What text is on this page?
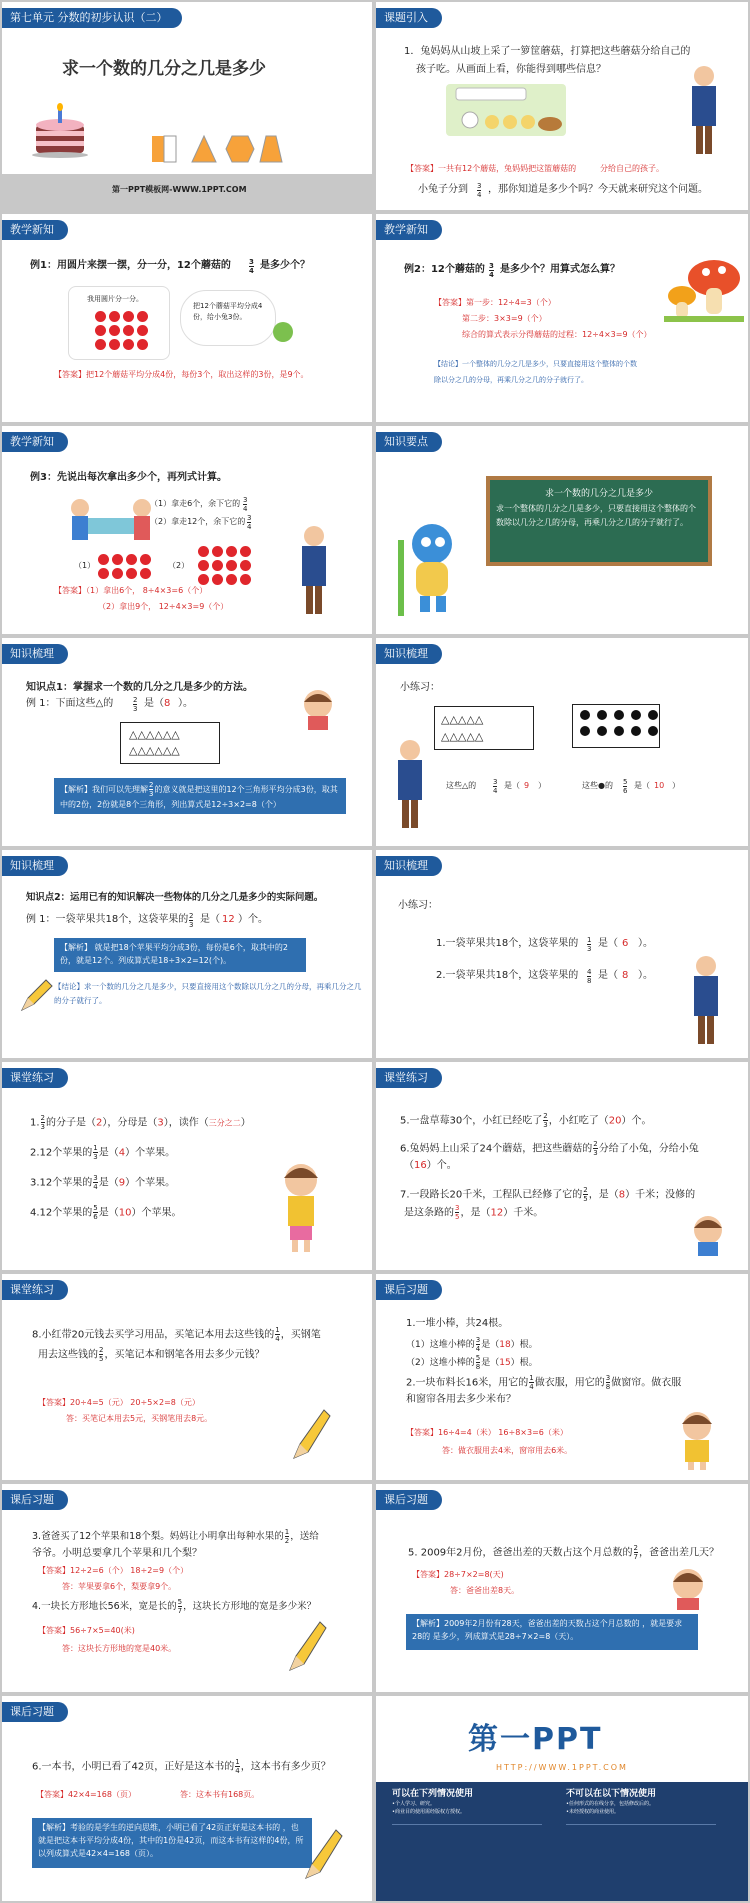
第七单元 分数的初步认识（二）
求一个数的几分之几是多少
第一PPT模板网-WWW.1PPT.COM
课题引入
1．兔妈妈从山坡上采了一箩筐蘑菇，打算把这些蘑菇分给自己的
孩子吃。从画面上看，你能得到哪些信息？
【答案】一共有12个蘑菇，兔妈妈把这篮蘑菇的	分给自己的孩子。
小兔子分到 $\frac{3}{4}$ ，那你知道是多少个吗？今天就来研究这个问题。
教学新知
例1：用圆片来摆一摆，分一分，12个蘑菇的	$\frac{3}{4}$ 是多少个？
我用圆片分一分。
把12个蘑菇平均分成4份，给小兔3份。
【答案】把12个蘑菇平均分成4份，每份3个，取出这样的3份，是9个。
教学新知
例2：12个蘑菇的 $\frac{3}{4}$ 是多少个？用算式怎么算？
【答案】第一步：12÷4=3（个）
第二步：3×3=9（个）
综合的算式表示分得蘑菇的过程：12÷4×3=9（个）
【结论】一个整体的几分之几是多少，只要直接用这个整体的个数
除以分之几的分母，再乘几分之几的分子就行了。
教学新知
例3：先说出每次拿出多少个，再列式计算。
（1）拿走6个，余下它的 $\frac{3}{4}$
（2）拿走12个，余下它的 $\frac{3}{4}$
（1）	（2）
【答案】（1）拿出6个， 8÷4×3=6（个）
（2）拿出9个， 12÷4×3=9（个）
知识要点
求一个数的几分之几是多少
求一个整体的几分之几是多少，只要直接用这个整体的个数除以几分之几的分母，再乘几分之几的分子就行了。
知识梳理
知识点1：掌握求一个数的几分之几是多少的方法。
例 1：下面这些△的	$\frac{2}{3}$ 是（ 8 ）。
△△△△△△
△△△△△△
【解析】我们可以先理解 $\frac{2}{3}$ 的意义就是把这里的12个三角形平均分成3份，取其中的2份，2份就是8个三角形，列出算式是12÷3×2=8（个）
知识梳理
小练习：
△△△△△
△△△△△
这些△的 $\frac{3}{4}$ 是（ 9 ）	这些●的 $\frac{5}{6}$ 是（ 10 ）
知识梳理
知识点2：运用已有的知识解决一些物体的几分之几是多少的实际问题。
例 1：一袋苹果共18个，这袋苹果的 $\frac{2}{3}$ 是（ 12 ）个。
【解析】 就是把18个苹果平均分成3份，每份是6个，取其中的2份，就是12个。列成算式是18÷3×2=12(个)。
【结论】求一个数的几分之几是多少，只要直接用这个数除以几分之几的分母，再乘几分之几的分子就行了。
知识梳理
小练习：
1.一袋苹果共18个，这袋苹果的 $\frac{1}{3}$ 是（ 6 ）。
2.一袋苹果共18个，这袋苹果的 $\frac{4}{8}$ 是（ 8 ）。
课堂练习
1. $\frac{2}{3}$ 的分子是（2），分母是（3），读作（三分之二）
2.12个苹果的 $\frac{1}{3}$ 是（4）个苹果。
3.12个苹果的 $\frac{3}{4}$ 是（9）个苹果。
4.12个苹果的 $\frac{5}{6}$ 是（10）个苹果。
课堂练习
5.一盘草莓30个，小红已经吃了 $\frac{2}{3}$ ，小红吃了（20）个。
6.兔妈妈上山采了24个蘑菇，把这些蘑菇的 $\frac{2}{3}$ 分给了小兔，分给小兔
（16）个。
7.一段路长20千米，工程队已经修了它的 $\frac{2}{5}$ ，是（8）千米；没修的
是这条路的 $\frac{3}{5}$ ，是（12）千米。
课堂练习
8.小红带20元钱去买学习用品，买笔记本用去这些钱的 $\frac{1}{4}$ ，买钢笔
用去这些钱的 $\frac{2}{5}$ ，买笔记本和钢笔各用去多少元钱？
【答案】20÷4=5（元） 20÷5×2=8（元）
答：买笔记本用去5元，买钢笔用去8元。
课后习题
1.一堆小棒，共24根。
（1）这堆小棒的 $\frac{3}{4}$ 是（18）根。
（2）这堆小棒的 $\frac{5}{8}$ 是（15）根。
2.一块布料长16米，用它的 $\frac{1}{4}$ 做衣服，用它的 $\frac{3}{8}$ 做窗帘。做衣服
和窗帘各用去多少米布？
【答案】16÷4=4（米） 16÷8×3=6（米）
答：做衣服用去4米，窗帘用去6米。
课后习题
3.爸爸买了12个苹果和18个梨。妈妈让小明拿出每种水果的 $\frac{1}{2}$ ，送给
爷爷。小明总要拿几个苹果和几个梨？
【答案】12÷2=6（个） 18÷2=9（个）
答：苹果要拿6个，梨要拿9个。
4.一块长方形地长56米，宽是长的 $\frac{5}{7}$ ，这块长方形地的宽是多少米？
【答案】56÷7×5=40(米)
答：这块长方形地的宽是40米。
课后习题
5. 2009年2月份，爸爸出差的天数占这个月总数的 $\frac{2}{7}$ ，爸爸出差几天？
【答案】28÷7×2=8(天)
答：爸爸出差8天。
【解析】2009年2月份有28天，爸爸出差的天数占这个月总数的 ，就是要求28的 是多少，列成算式是28÷7×2=8（天）。
课后习题
6.一本书，小明已看了42页，正好是这本书的 $\frac{1}{4}$ ，这本书有多少页？
【答案】42×4=168（页）	答：这本书有168页。
【解析】考验的是学生的逆向思维，小明已看了42页正好是这本书的 ，也就是把这本书平均分成4份，其中的1份是42页，而这本书有这样的4份，所以列成算式是42×4=168（页）。
第一PPT
HTTP://WWW.1PPT.COM
可以在下列情况使用
•个人学习、研究。
•商业目的使用需经版权方授权。
不可以在以下情况使用
•任何形式的在线分享，包括修改后的。
•未经授权的商业使用。
